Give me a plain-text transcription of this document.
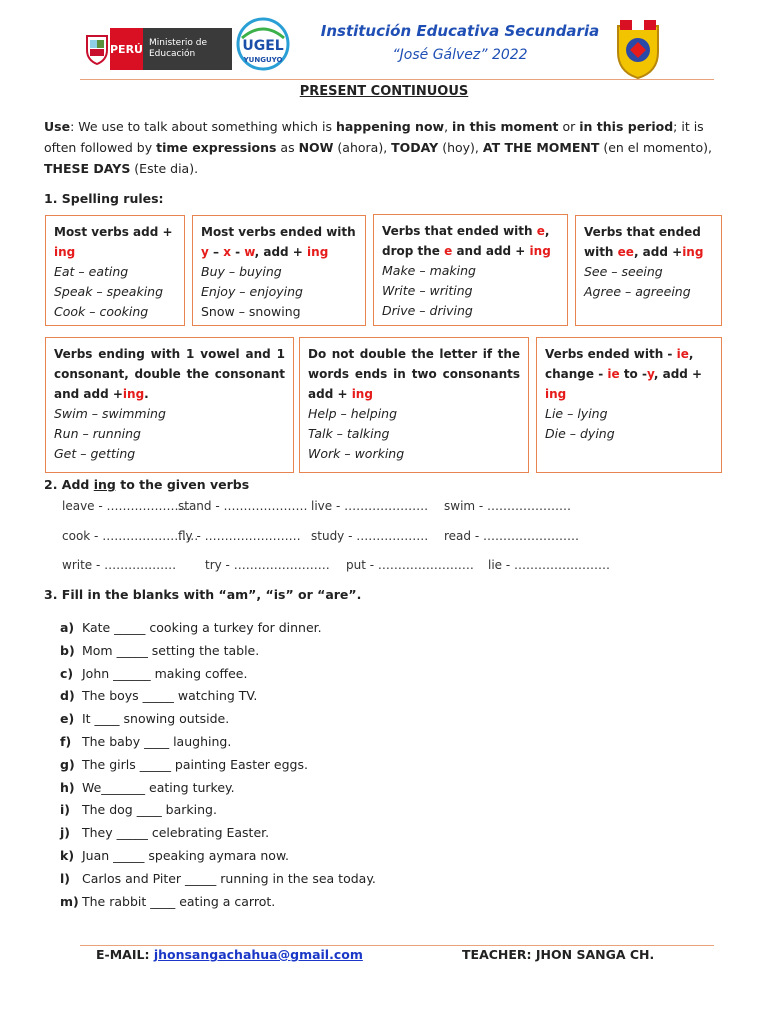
PERÚ Ministerio de Educación	UGEL
YUNGUYO
Institución Educativa Secundaria
“José Gálvez” 2022
PRESENT CONTINUOUS
Use: We use to talk about something which is happening now, in this moment or in this period; it is often followed by time expressions as NOW (ahora), TODAY (hoy), AT THE MOMENT (en el momento), THESE DAYS (Este dia).
1. Spelling rules:
Most verbs add + ing
Eat – eating
Speak – speaking
Cook – cooking
Most verbs ended with y – x - w, add + ing
Buy – buying
Enjoy – enjoying
Snow – snowing
Verbs that ended with e, drop the e and add + ing
Make – making
Write – writing
Drive – driving
Verbs that ended with ee, add +ing
See – seeing
Agree – agreeing
Verbs ending with 1 vowel and 1 consonant, double the consonant and add +ing.
Swim – swimming
Run – running
Get – getting
Do not double the letter if the words ends in two consonants add + ing
Help – helping
Talk – talking
Work – working
Verbs ended with - ie, change - ie to -y, add + ing
Lie – lying
Die – dying
2. Add ing to the given verbs
leave - …………………
stand - ………………… live - ………………… swim - …………………
cook - ……………………
fly - …………………… study - ……………… read - ……………………
write - ……………… try - …………………… put - …………………… lie - ……………………
3. Fill in the blanks with “am”, “is” or “are”.
a) Kate _____ cooking a turkey for dinner.
b) Mom _____ setting the table.
c) John ______ making coffee.
d) The boys _____ watching TV.
e) It ____ snowing outside.
f) The baby ____ laughing.
g) The girls _____ painting Easter eggs.
h) We_______ eating turkey.
i) The dog ____ barking.
j) They _____ celebrating Easter.
k) Juan _____ speaking aymara now.
l) Carlos and Piter _____ running in the sea today.
m) The rabbit ____ eating a carrot.
E-MAIL: jhonsangachahua@gmail.com	TEACHER: JHON SANGA CH.
